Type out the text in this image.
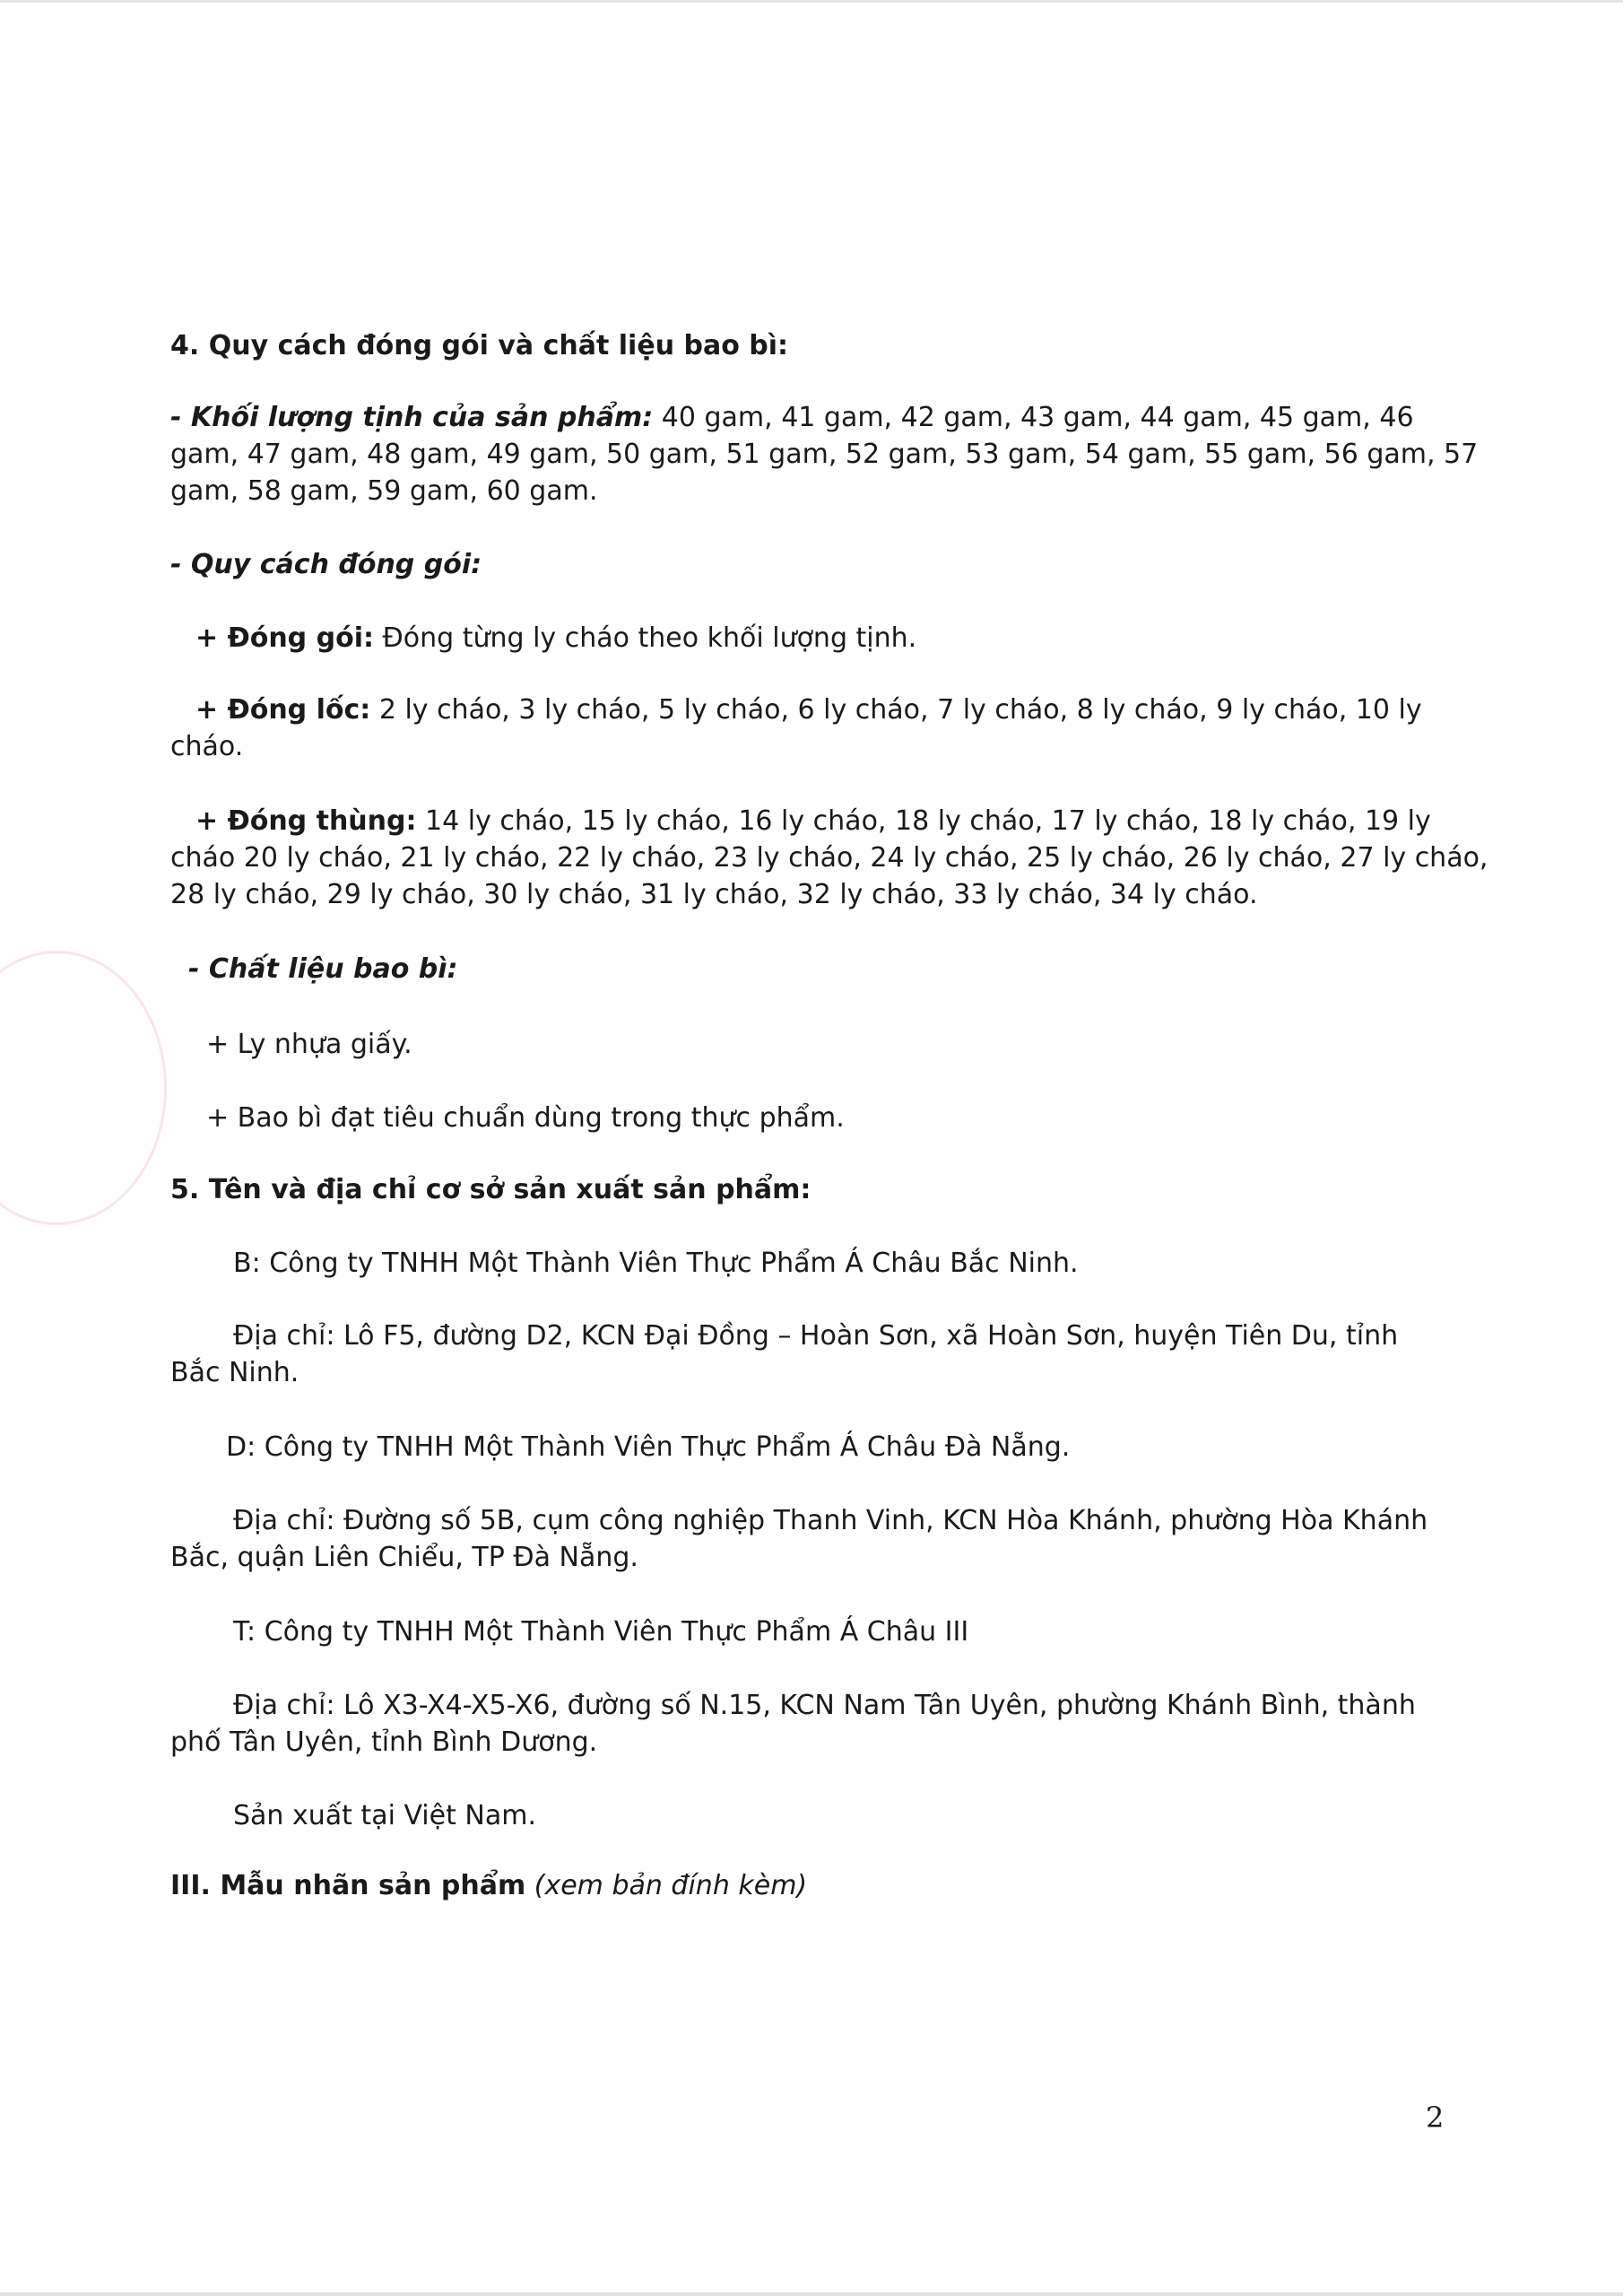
4. Quy cách đóng gói và chất liệu bao bì:
- Khối lượng tịnh của sản phẩm: 40 gam, 41 gam, 42 gam, 43 gam, 44 gam, 45 gam, 46
gam, 47 gam, 48 gam, 49 gam, 50 gam, 51 gam, 52 gam, 53 gam, 54 gam, 55 gam, 56 gam, 57
gam, 58 gam, 59 gam, 60 gam.
- Quy cách đóng gói:
+ Đóng gói: Đóng từng ly cháo theo khối lượng tịnh.
+ Đóng lốc: 2 ly cháo, 3 ly cháo, 5 ly cháo, 6 ly cháo, 7 ly cháo, 8 ly cháo, 9 ly cháo, 10 ly
cháo.
+ Đóng thùng: 14 ly cháo, 15 ly cháo, 16 ly cháo, 18 ly cháo, 17 ly cháo, 18 ly cháo, 19 ly
cháo 20 ly cháo, 21 ly cháo, 22 ly cháo, 23 ly cháo, 24 ly cháo, 25 ly cháo, 26 ly cháo, 27 ly cháo,
28 ly cháo, 29 ly cháo, 30 ly cháo, 31 ly cháo, 32 ly cháo, 33 ly cháo, 34 ly cháo.
- Chất liệu bao bì:
+ Ly nhựa giấy.
+ Bao bì đạt tiêu chuẩn dùng trong thực phẩm.
5. Tên và địa chỉ cơ sở sản xuất sản phẩm:
B: Công ty TNHH Một Thành Viên Thực Phẩm Á Châu Bắc Ninh.
Địa chỉ: Lô F5, đường D2, KCN Đại Đồng – Hoàn Sơn, xã Hoàn Sơn, huyện Tiên Du, tỉnh
Bắc Ninh.
D: Công ty TNHH Một Thành Viên Thực Phẩm Á Châu Đà Nẵng.
Địa chỉ: Đường số 5B, cụm công nghiệp Thanh Vinh, KCN Hòa Khánh, phường Hòa Khánh
Bắc, quận Liên Chiểu, TP Đà Nẵng.
T: Công ty TNHH Một Thành Viên Thực Phẩm Á Châu III
Địa chỉ: Lô X3-X4-X5-X6, đường số N.15, KCN Nam Tân Uyên, phường Khánh Bình, thành
phố Tân Uyên, tỉnh Bình Dương.
Sản xuất tại Việt Nam.
III. Mẫu nhãn sản phẩm (xem bản đính kèm)
2
